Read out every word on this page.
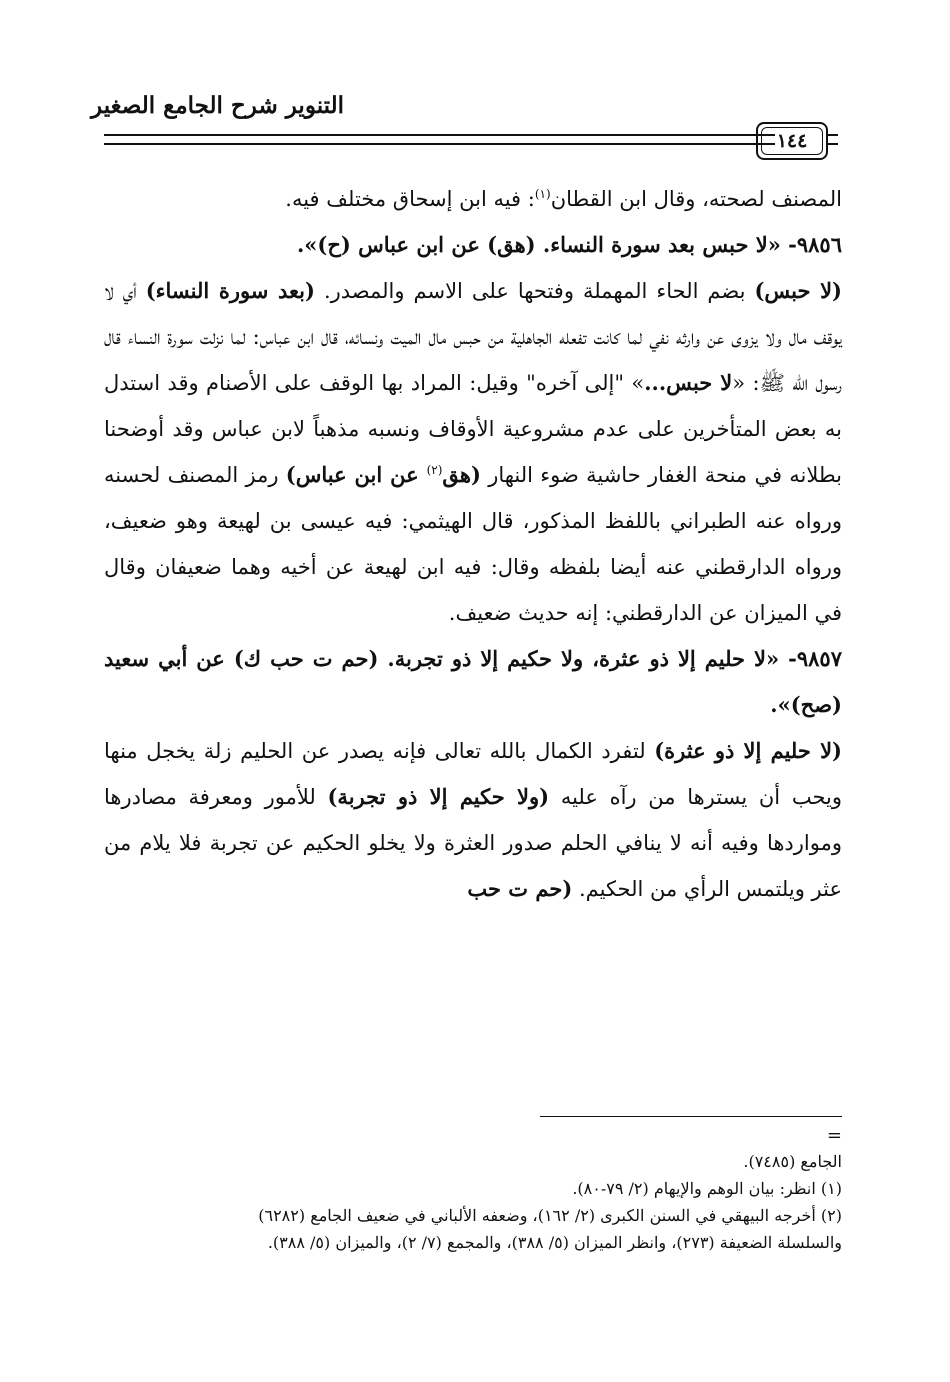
التنوير شرح الجامع الصغير
١٤٤

المصنف لصحته، وقال ابن القطان$^{(١)}$: فيه ابن إسحاق مختلف فيه.

٩٨٥٦- «لا حبس بعد سورة النساء. (هق) عن ابن عباس (ح)».

(لا حبس) بضم الحاء المهملة وفتحها على الاسم والمصدر. (بعد سورة النساء) أي لا يوقف مال ولا يزوى عن وارثه نفي لما كانت تفعله الجاهلية من حبس مال الميت ونسائه، قال ابن عباس: لما نزلت سورة النساء قال رسول الله ﷺ: «لا حبس...» "إلى آخره" وقيل: المراد بها الوقف على الأصنام وقد استدل به بعض المتأخرين على عدم مشروعية الأوقاف ونسبه مذهباً لابن عباس وقد أوضحنا بطلانه في منحة الغفار حاشية ضوء النهار (هق$^{(٢)}$ عن ابن عباس) رمز المصنف لحسنه ورواه عنه الطبراني باللفظ المذكور، قال الهيثمي: فيه عيسى بن لهيعة وهو ضعيف، ورواه الدارقطني عنه أيضا بلفظه وقال: فيه ابن لهيعة عن أخيه وهما ضعيفان وقال في الميزان عن الدارقطني: إنه حديث ضعيف.

٩٨٥٧- «لا حليم إلا ذو عثرة، ولا حكيم إلا ذو تجربة. (حم ت حب ك) عن أبي سعيد (صح)».

(لا حليم إلا ذو عثرة) لتفرد الكمال بالله تعالى فإنه يصدر عن الحليم زلة يخجل منها ويحب أن يسترها من رآه عليه (ولا حكيم إلا ذو تجربة) للأمور ومعرفة مصادرها ومواردها وفيه أنه لا ينافي الحلم صدور العثرة ولا يخلو الحكيم عن تجربة فلا يلام من عثر ويلتمس الرأي من الحكيم. (حم ت حب

=

الجامع (٧٤٨٥).

(١) انظر: بيان الوهم والإيهام (٢/ ٧٩-٨٠).

(٢) أخرجه البيهقي في السنن الكبرى (٢/ ١٦٢)، وضعفه الألباني في ضعيف الجامع (٦٢٨٢)

والسلسلة الضعيفة (٢٧٣)، وانظر الميزان (٥/ ٣٨٨)، والمجمع (٧/ ٢)، والميزان (٥/ ٣٨٨).
